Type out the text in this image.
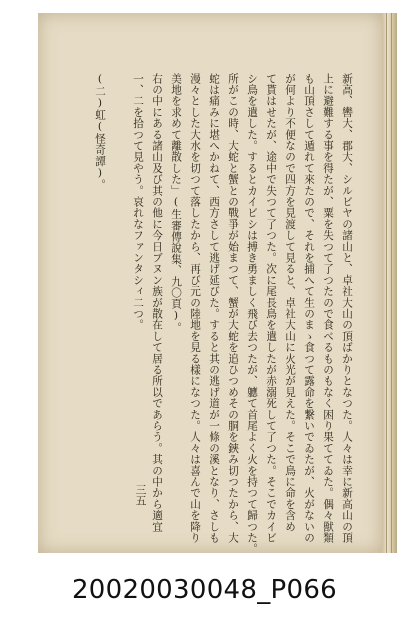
新高、轡大、郡大、シルビヤの諸山と、卓社大山の頂ばかりとなつた。人々は幸に新高山の頂
上に避難する事を得たが、粟を失つて了つたので食べるものもなく困り果ててゐた。偶々獣類
も山頂さして遁れて來たので、それを捕へて生のまゝ食つて露命を繋いでゐたが、火がないの
が何より不便なので四方を見渡して見ると、卓社大山に火光が見えた。そこで鳥に命を含め
て貰はせたが、途中で失つて了つた。次に尾長鳥を遣したが赤溺死して了つた。そこでカイビ
シ鳥を遣した。するとカイビシは搏き勇ましく飛び去つたが、軈て首尾よく火を持つて歸つた。
所がこの時、大蛇と蟹との戰爭が始まつて、蟹が大蛇を追ひつめその胴を鋏み切つたから、大
蛇は痛みに堪へかねて、西方さして逃げ延びた。すると其の逃げ道が一條の溪となり、さしも
漫々とした大水を切つて落したから、再び元の陸地を見る樣になつた。人々は喜んで山を降り
美地を求めて離散した」(生審傳說集、九〇頁)。
右の中にある諸山及び其の他に今日ブヌン族が散在して居る所以であらう。其の中から適宜
一、二を拾つて見やう。哀れなファンタシィ二つ。
(二)虹(怪奇譚)。
三五
20020030048_P066
